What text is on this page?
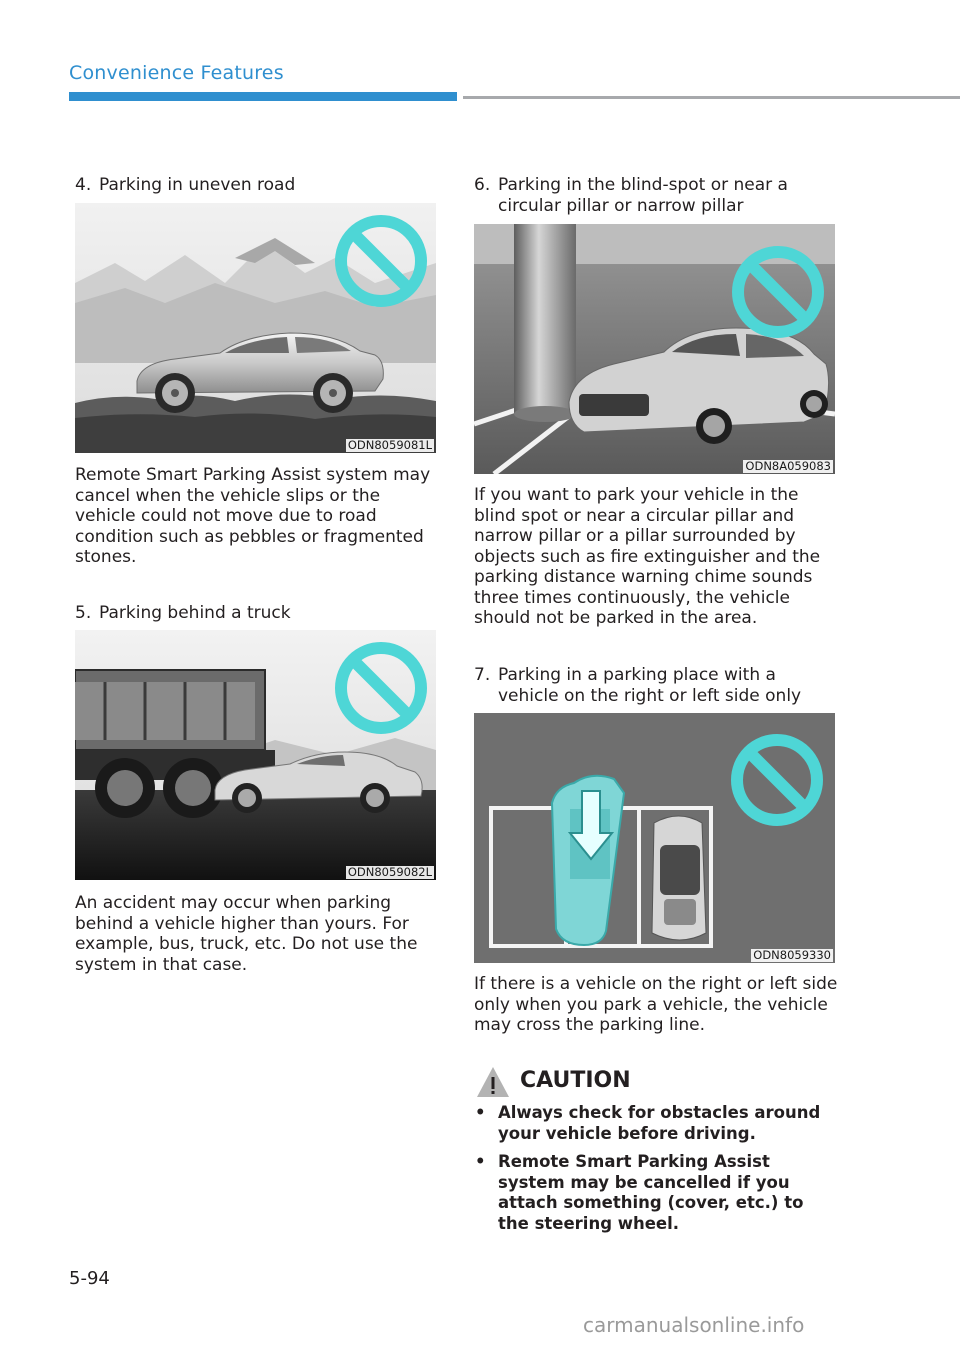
Convenience Features
4. Parking in uneven road
ODN8059081L
Remote Smart Parking Assist system may cancel when the vehicle slips or the vehicle could not move due to road condition such as pebbles or fragmented stones.
5. Parking behind a truck
ODN8059082L
An accident may occur when parking behind a vehicle higher than yours. For example, bus, truck, etc. Do not use the system in that case.
6. Parking in the blind-spot or near a circular pillar or narrow pillar
ODN8A059083
If you want to park your vehicle in the blind spot or near a circular pillar and narrow pillar or a pillar surrounded by objects such as fire extinguisher and the parking distance warning chime sounds three times continuously, the vehicle should not be parked in the area.
7. Parking in a parking place with a vehicle on the right or left side only
ODN8059330
If there is a vehicle on the right or left side only when you park a vehicle, the vehicle may cross the parking line.
CAUTION
• Always check for obstacles around your vehicle before driving.
• Remote Smart Parking Assist system may be cancelled if you attach something (cover, etc.) to the steering wheel.
5-94
carmanualsonline.info
